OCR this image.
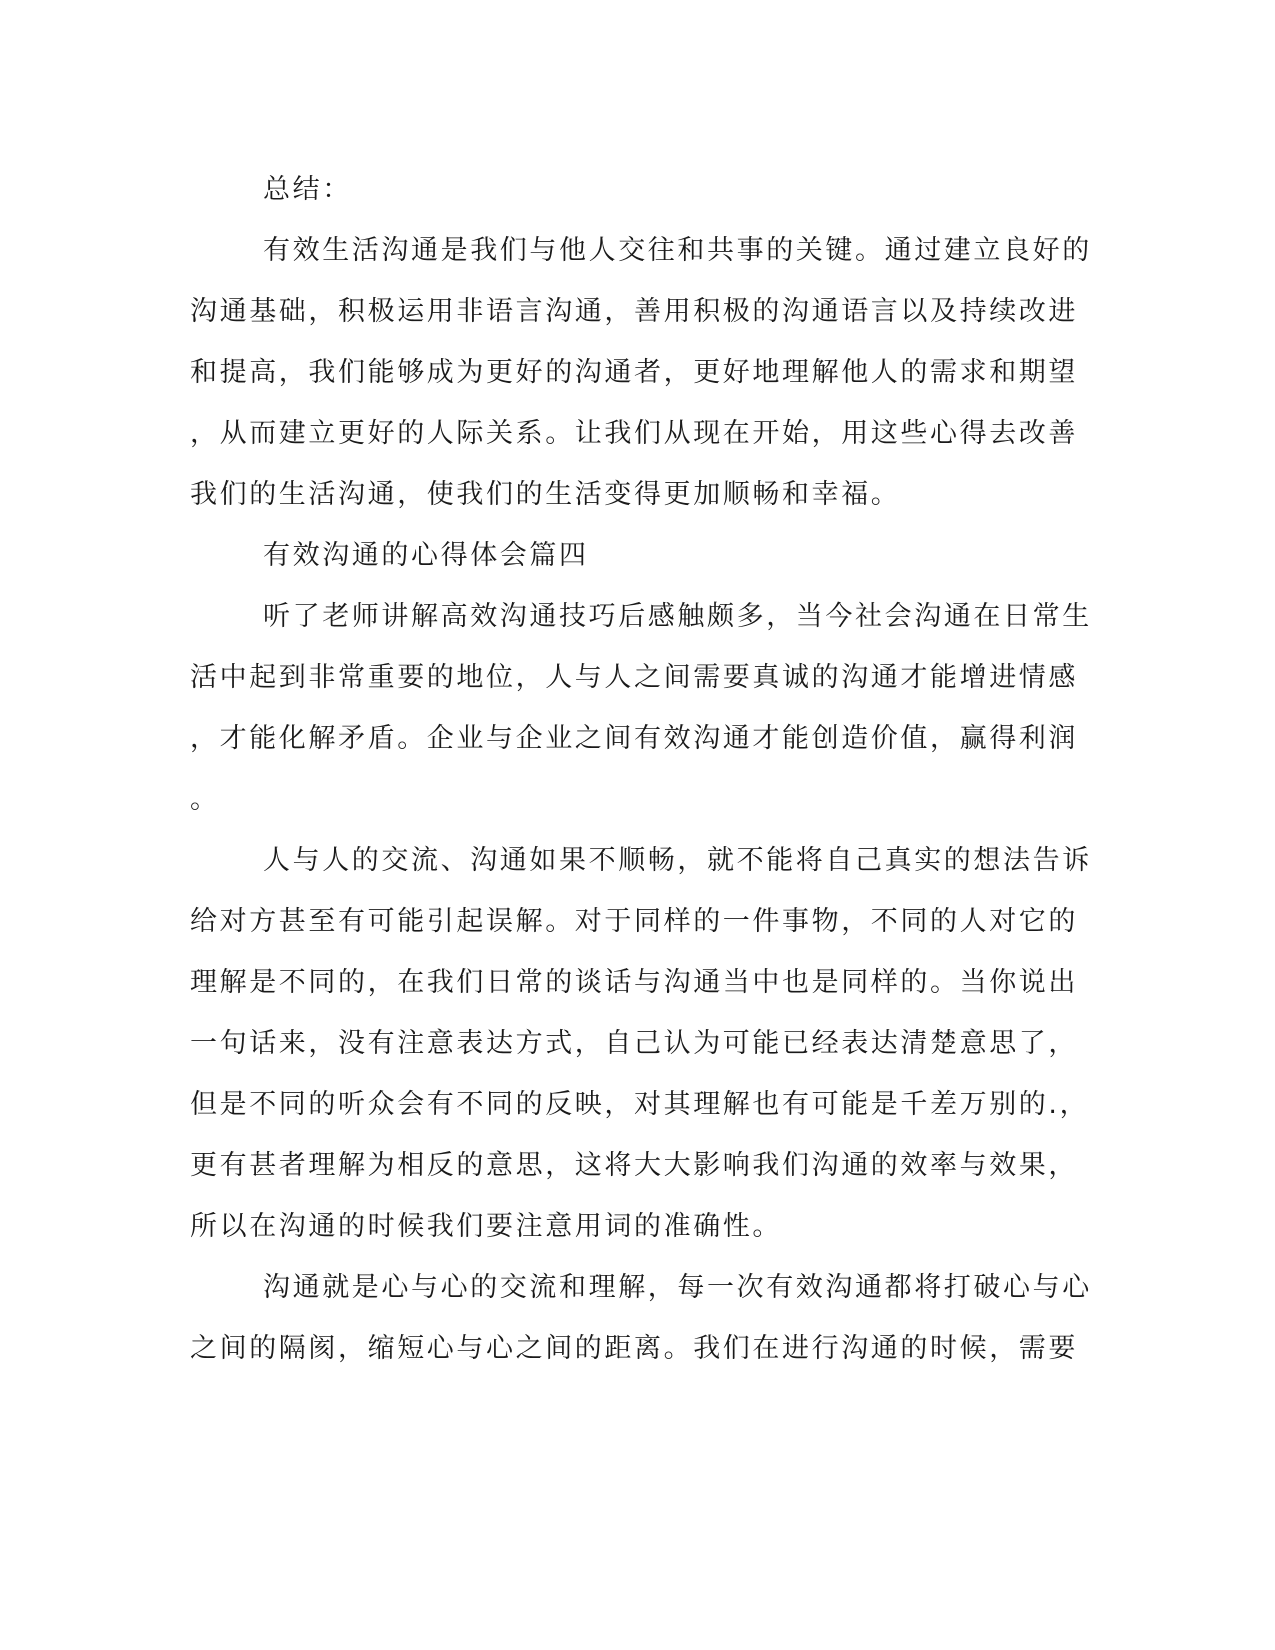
总结：
有效生活沟通是我们与他人交往和共事的关键。通过建立良好的
沟通基础，积极运用非语言沟通，善用积极的沟通语言以及持续改进
和提高，我们能够成为更好的沟通者，更好地理解他人的需求和期望
，从而建立更好的人际关系。让我们从现在开始，用这些心得去改善
我们的生活沟通，使我们的生活变得更加顺畅和幸福。
有效沟通的心得体会篇四
听了老师讲解高效沟通技巧后感触颇多，当今社会沟通在日常生
活中起到非常重要的地位，人与人之间需要真诚的沟通才能增进情感
，才能化解矛盾。企业与企业之间有效沟通才能创造价值，赢得利润
。
人与人的交流、沟通如果不顺畅，就不能将自己真实的想法告诉
给对方甚至有可能引起误解。对于同样的一件事物，不同的人对它的
理解是不同的，在我们日常的谈话与沟通当中也是同样的。当你说出
一句话来，没有注意表达方式，自己认为可能已经表达清楚意思了，
但是不同的听众会有不同的反映，对其理解也有可能是千差万别的.，
更有甚者理解为相反的意思，这将大大影响我们沟通的效率与效果，
所以在沟通的时候我们要注意用词的准确性。
沟通就是心与心的交流和理解，每一次有效沟通都将打破心与心
之间的隔阂，缩短心与心之间的距离。我们在进行沟通的时候，需要
